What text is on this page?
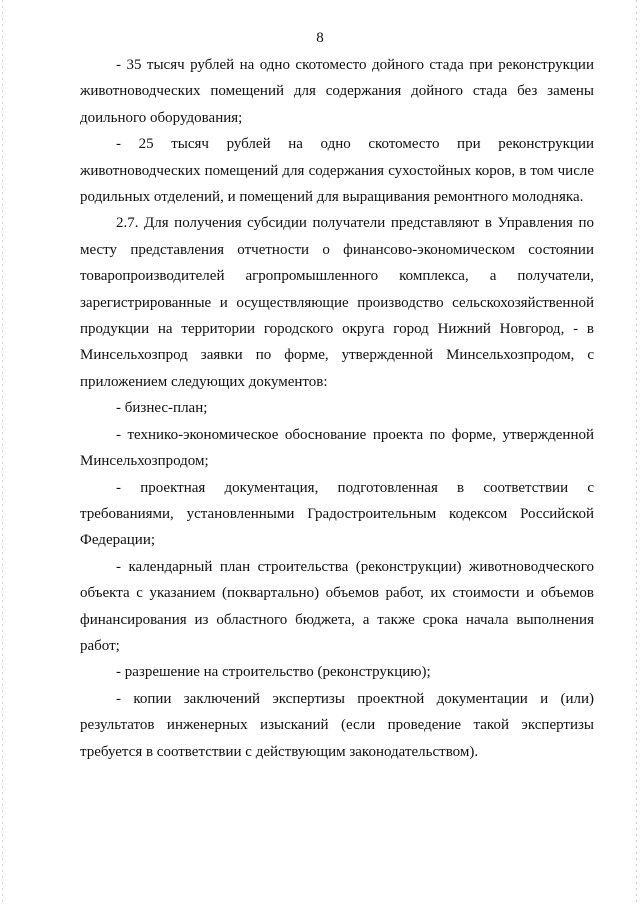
8

- 35 тысяч рублей на одно скотоместо дойного стада при реконструкции животноводческих помещений для содержания дойного стада без замены доильного оборудования;

- 25 тысяч рублей на одно скотоместо при реконструкции животноводческих помещений для содержания сухостойных коров, в том числе родильных отделений, и помещений для выращивания ремонтного молодняка.

2.7. Для получения субсидии получатели представляют в Управления по месту представления отчетности о финансово-экономическом состоянии товаропроизводителей агропромышленного комплекса, а получатели, зарегистрированные и осуществляющие производство сельскохозяйственной продукции на территории городского округа город Нижний Новгород, - в Минсельхозпрод заявки по форме, утвержденной Минсельхозпродом, с приложением следующих документов:

- бизнес-план;

- технико-экономическое обоснование проекта по форме, утвержденной Минсельхозпродом;

- проектная документация, подготовленная в соответствии с требованиями, установленными Градостроительным кодексом Российской Федерации;

- календарный план строительства (реконструкции) животноводческого объекта с указанием (поквартально) объемов работ, их стоимости и объемов финансирования из областного бюджета, а также срока начала выполнения работ;

- разрешение на строительство (реконструкцию);

- копии заключений экспертизы проектной документации и (или) результатов инженерных изысканий (если проведение такой экспертизы требуется в соответствии с действующим законодательством).
